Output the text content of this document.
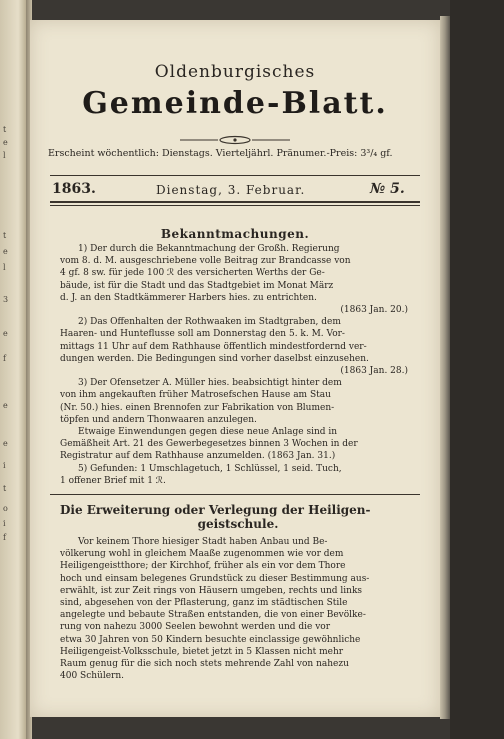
t
e
l
t
e
l
3
e
f
e
e
i
t
o
i
f
Oldenburgisches
Gemeinde-Blatt.
Erscheint wöchentlich: Dienstags. Vierteljährl. Pränumer.-Preis: 3³/₄ gf.
1863.	Dienstag, 3. Februar.	№ 5.
Bekanntmachungen.
1) Der durch die Bekanntmachung der Großh. Regierung
vom 8. d. M. ausgeschriebene volle Beitrag zur Brandcasse von
4 gf. 8 sw. für jede 100 ℛ des versicherten Werths der Ge-
bäude, ist für die Stadt und das Stadtgebiet im Monat März
d. J. an den Stadtkämmerer Harbers hies. zu entrichten.
(1863 Jan. 20.)
2) Das Offenhalten der Rothwaaken im Stadtgraben, dem
Haaren- und Hunteflusse soll am Donnerstag den 5. k. M. Vor-
mittags 11 Uhr auf dem Rathhause öffentlich mindestfordernd ver-
dungen werden. Die Bedingungen sind vorher daselbst einzusehen.
(1863 Jan. 28.)
3) Der Ofensetzer A. Müller hies. beabsichtigt hinter dem
von ihm angekauften früher Matrosefschen Hause am Stau
(Nr. 50.) hies. einen Brennofen zur Fabrikation von Blumen-
töpfen und andern Thonwaaren anzulegen.
Etwaige Einwendungen gegen diese neue Anlage sind in
Gemäßheit Art. 21 des Gewerbegesetzes binnen 3 Wochen in der
Registratur auf dem Rathhause anzumelden. (1863 Jan. 31.)
5) Gefunden: 1 Umschlagetuch, 1 Schlüssel, 1 seid. Tuch,
1 offener Brief mit 1 ℛ.
Die Erweiterung oder Verlegung der Heiligen-
geistschule.
Vor keinem Thore hiesiger Stadt haben Anbau und Be-
völkerung wohl in gleichem Maaße zugenommen wie vor dem
Heiligengeistthore; der Kirchhof, früher als ein vor dem Thore
hoch und einsam belegenes Grundstück zu dieser Bestimmung aus-
erwählt, ist zur Zeit rings von Häusern umgeben, rechts und links
sind, abgesehen von der Pflasterung, ganz im städtischen Stile
angelegte und bebaute Straßen entstanden, die von einer Bevölke-
rung von nahezu 3000 Seelen bewohnt werden und die vor
etwa 30 Jahren von 50 Kindern besuchte einclassige gewöhnliche
Heiligengeist-Volksschule, bietet jetzt in 5 Klassen nicht mehr
Raum genug für die sich noch stets mehrende Zahl von nahezu
400 Schülern.
